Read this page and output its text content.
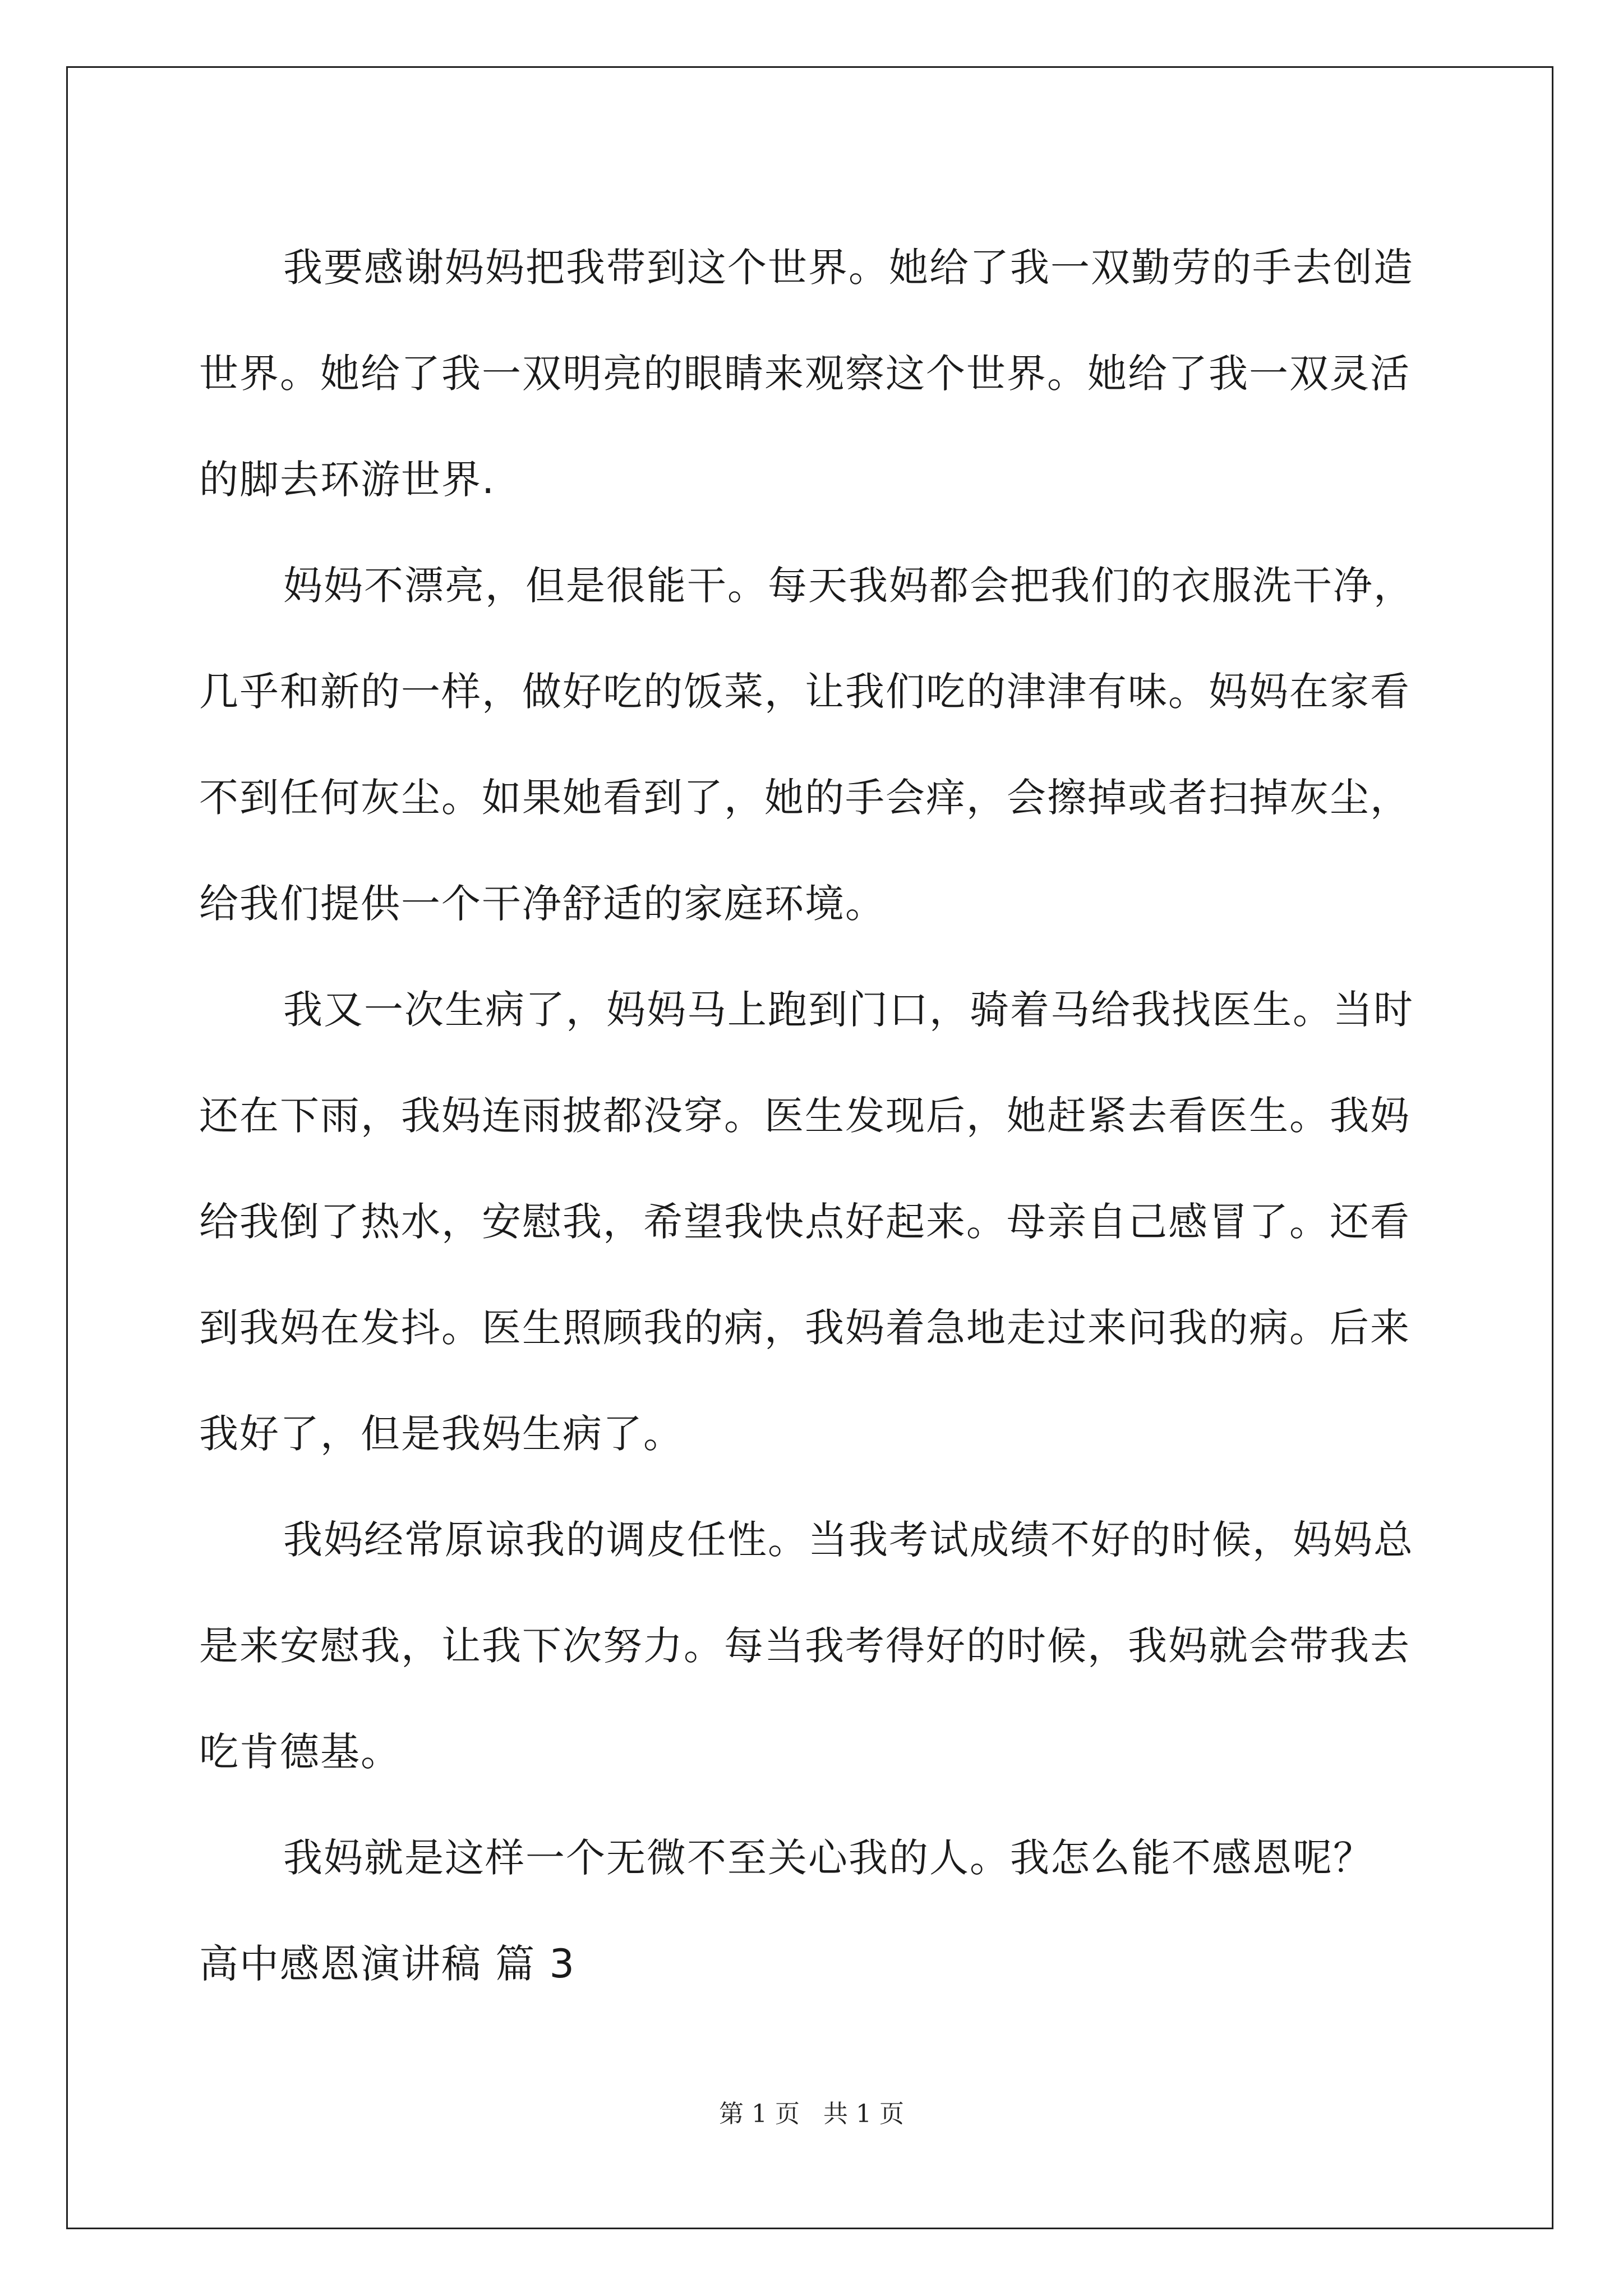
我要感谢妈妈把我带到这个世界。她给了我一双勤劳的手去创造
世界。她给了我一双明亮的眼睛来观察这个世界。她给了我一双灵活
的脚去环游世界.
妈妈不漂亮，但是很能干。每天我妈都会把我们的衣服洗干净，
几乎和新的一样，做好吃的饭菜，让我们吃的津津有味。妈妈在家看
不到任何灰尘。如果她看到了，她的手会痒，会擦掉或者扫掉灰尘，
给我们提供一个干净舒适的家庭环境。
我又一次生病了，妈妈马上跑到门口，骑着马给我找医生。当时
还在下雨，我妈连雨披都没穿。医生发现后，她赶紧去看医生。我妈
给我倒了热水，安慰我，希望我快点好起来。母亲自己感冒了。还看
到我妈在发抖。医生照顾我的病，我妈着急地走过来问我的病。后来
我好了，但是我妈生病了。
我妈经常原谅我的调皮任性。当我考试成绩不好的时候，妈妈总
是来安慰我，让我下次努力。每当我考得好的时候，我妈就会带我去
吃肯德基。
我妈就是这样一个无微不至关心我的人。我怎么能不感恩呢？
高中感恩演讲稿 篇 3
第 1 页   共 1 页
